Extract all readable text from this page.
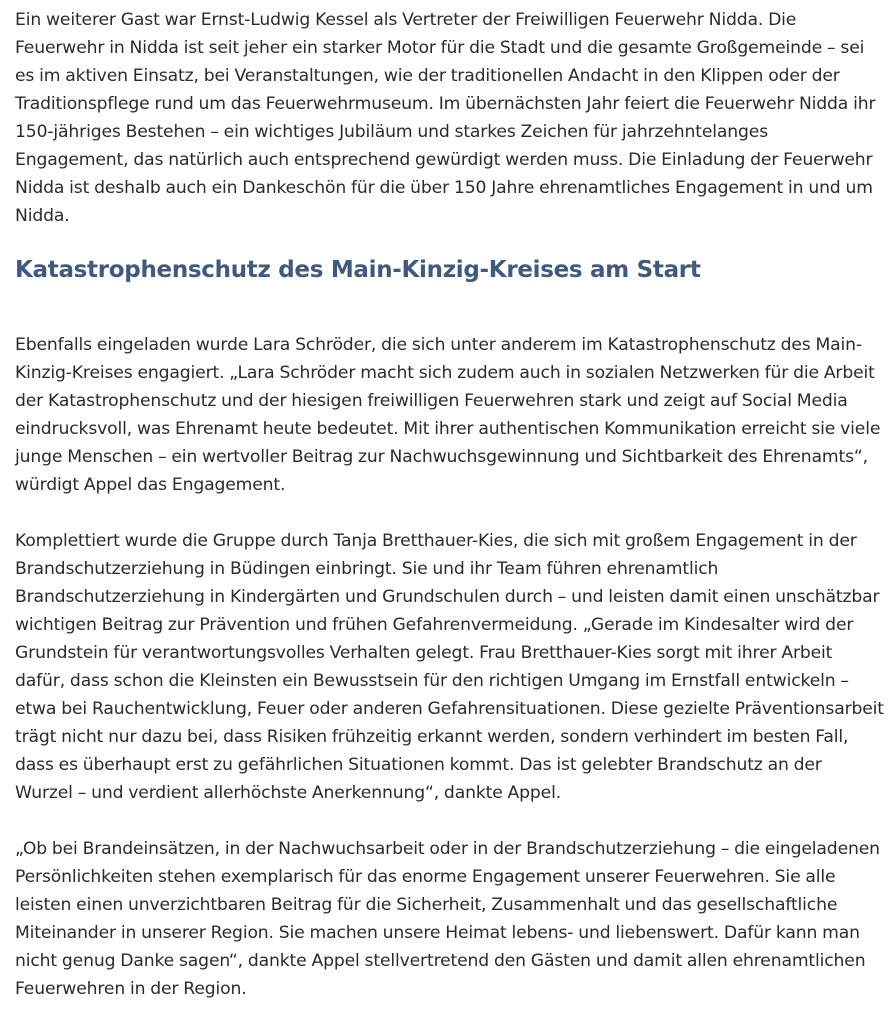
Ein weiterer Gast war Ernst-Ludwig Kessel als Vertreter der Freiwilligen Feuerwehr Nidda. Die Feuerwehr in Nidda ist seit jeher ein starker Motor für die Stadt und die gesamte Großgemeinde – sei es im aktiven Einsatz, bei Veranstaltungen, wie der traditionellen Andacht in den Klippen oder der Traditionspflege rund um das Feuerwehrmuseum. Im übernächsten Jahr feiert die Feuerwehr Nidda ihr 150-jähriges Bestehen – ein wichtiges Jubiläum und starkes Zeichen für jahrzehntelanges Engagement, das natürlich auch entsprechend gewürdigt werden muss. Die Einladung der Feuerwehr Nidda ist deshalb auch ein Dankeschön für die über 150 Jahre ehrenamtliches Engagement in und um Nidda.

Katastrophenschutz des Main-Kinzig-Kreises am Start

Ebenfalls eingeladen wurde Lara Schröder, die sich unter anderem im Katastrophenschutz des Main-Kinzig-Kreises engagiert. „Lara Schröder macht sich zudem auch in sozialen Netzwerken für die Arbeit der Katastrophenschutz und der hiesigen freiwilligen Feuerwehren stark und zeigt auf Social Media eindrucksvoll, was Ehrenamt heute bedeutet. Mit ihrer authentischen Kommunikation erreicht sie viele junge Menschen – ein wertvoller Beitrag zur Nachwuchsgewinnung und Sichtbarkeit des Ehrenamts“, würdigt Appel das Engagement.

Komplettiert wurde die Gruppe durch Tanja Bretthauer-Kies, die sich mit großem Engagement in der Brandschutzerziehung in Büdingen einbringt. Sie und ihr Team führen ehrenamtlich Brandschutzerziehung in Kindergärten und Grundschulen durch – und leisten damit einen unschätzbar wichtigen Beitrag zur Prävention und frühen Gefahrenvermeidung. „Gerade im Kindesalter wird der Grundstein für verantwortungsvolles Verhalten gelegt. Frau Bretthauer-Kies sorgt mit ihrer Arbeit dafür, dass schon die Kleinsten ein Bewusstsein für den richtigen Umgang im Ernstfall entwickeln – etwa bei Rauchentwicklung, Feuer oder anderen Gefahrensituationen. Diese gezielte Präventionsarbeit trägt nicht nur dazu bei, dass Risiken frühzeitig erkannt werden, sondern verhindert im besten Fall, dass es überhaupt erst zu gefährlichen Situationen kommt. Das ist gelebter Brandschutz an der Wurzel – und verdient allerhöchste Anerkennung“, dankte Appel.

„Ob bei Brandeinsätzen, in der Nachwuchsarbeit oder in der Brandschutzerziehung – die eingeladenen Persönlichkeiten stehen exemplarisch für das enorme Engagement unserer Feuerwehren. Sie alle leisten einen unverzichtbaren Beitrag für die Sicherheit, Zusammenhalt und das gesellschaftliche Miteinander in unserer Region. Sie machen unsere Heimat lebens- und liebenswert. Dafür kann man nicht genug Danke sagen“, dankte Appel stellvertretend den Gästen und damit allen ehrenamtlichen Feuerwehren in der Region.
